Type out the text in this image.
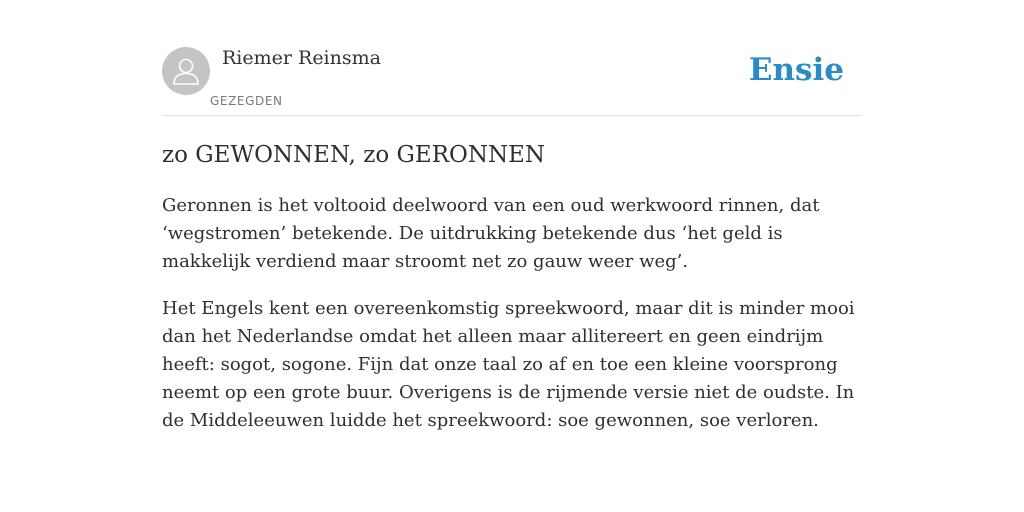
Riemer Reinsma
GEZEGDEN
Ensie
zo GEWONNEN, zo GERONNEN

Geronnen is het voltooid deelwoord van een oud werkwoord rinnen, dat ‘wegstromen’ betekende. De uitdrukking betekende dus ‘het geld is makkelijk verdiend maar stroomt net zo gauw weer weg’.

Het Engels kent een overeenkomstig spreekwoord, maar dit is minder mooi dan het Nederlandse omdat het alleen maar allitereert en geen eindrijm heeft: sogot, sogone. Fijn dat onze taal zo af en toe een kleine voorsprong neemt op een grote buur. Overigens is de rijmende versie niet de oudste. In de Middeleeuwen luidde het spreekwoord: soe gewonnen, soe verloren.
